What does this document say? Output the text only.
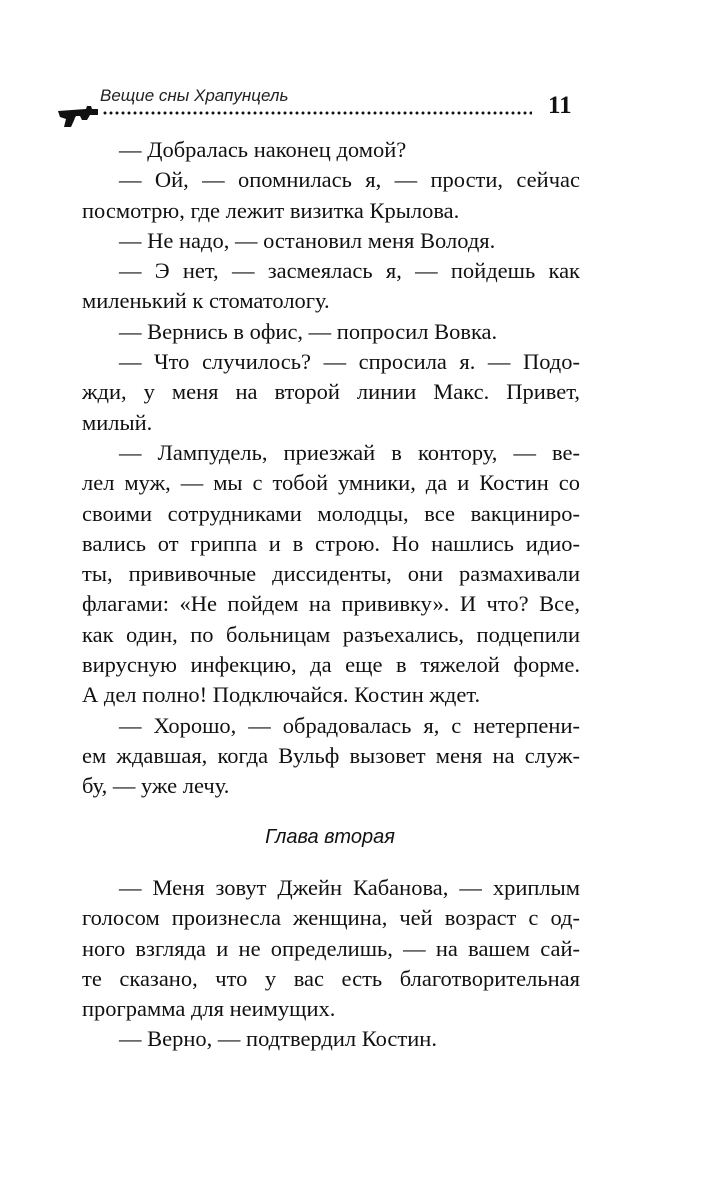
Вещие сны Храпунцель	11
— Добралась наконец домой?
— Ой, — опомнилась я, — прости, сейчас
посмотрю, где лежит визитка Крылова.
— Не надо, — остановил меня Володя.
— Э нет, — засмеялась я, — пойдешь как
миленький к стоматологу.
— Вернись в офис, — попросил Вовка.
— Что случилось? — спросила я. — Подо-
жди, у меня на второй линии Макс. Привет,
милый.
— Лампудель, приезжай в контору, — ве-
лел муж, — мы с тобой умники, да и Костин со
своими сотрудниками молодцы, все вакциниро-
вались от гриппа и в строю. Но нашлись идио-
ты, прививочные диссиденты, они размахивали
флагами: «Не пойдем на прививку». И что? Все,
как один, по больницам разъехались, подцепили
вирусную инфекцию, да еще в тяжелой форме.
А дел полно! Подключайся. Костин ждет.
— Хорошо, — обрадовалась я, с нетерпени-
ем ждавшая, когда Вульф вызовет меня на служ-
бу, — уже лечу.
Глава вторая
— Меня зовут Джейн Кабанова, — хриплым
голосом произнесла женщина, чей возраст с од-
ного взгляда и не определишь, — на вашем сай-
те сказано, что у вас есть благотворительная
программа для неимущих.
— Верно, — подтвердил Костин.
